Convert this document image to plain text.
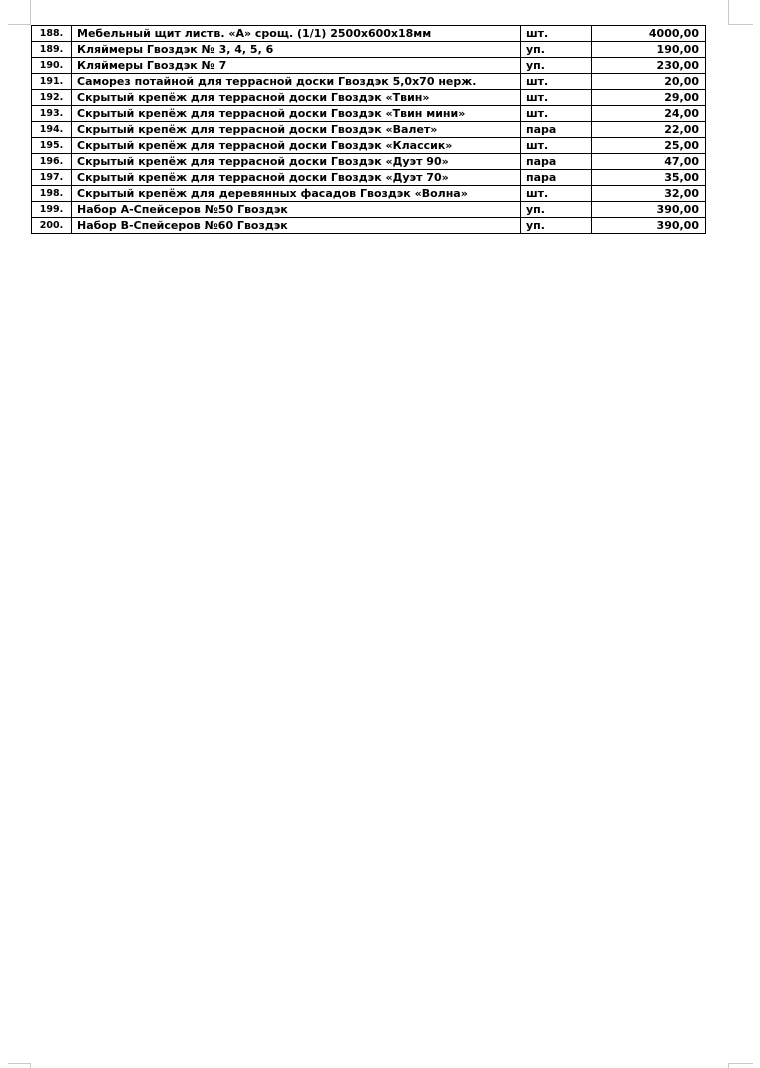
188.	Мебельный щит листв. «А» срощ. (1/1) 2500х600х18мм	шт.	4000,00
189.	Кляймеры Гвоздэк № 3, 4, 5, 6	уп.	190,00
190.	Кляймеры Гвоздэк № 7	уп.	230,00
191.	Саморез потайной для террасной доски Гвоздэк 5,0х70 нерж.	шт.	20,00
192.	Скрытый крепёж для террасной доски Гвоздэк «Твин»	шт.	29,00
193.	Скрытый крепёж для террасной доски Гвоздэк «Твин мини»	шт.	24,00
194.	Скрытый крепёж для террасной доски Гвоздэк «Валет»	пара	22,00
195.	Скрытый крепёж для террасной доски Гвоздэк «Классик»	шт.	25,00
196.	Скрытый крепёж для террасной доски Гвоздэк «Дуэт 90»	пара	47,00
197.	Скрытый крепёж для террасной доски Гвоздэк «Дуэт 70»	пара	35,00
198.	Скрытый крепёж для деревянных фасадов Гвоздэк «Волна»	шт.	32,00
199.	Набор А-Спейсеров №50 Гвоздэк	уп.	390,00
200.	Набор В-Спейсеров №60 Гвоздэк	уп.	390,00
